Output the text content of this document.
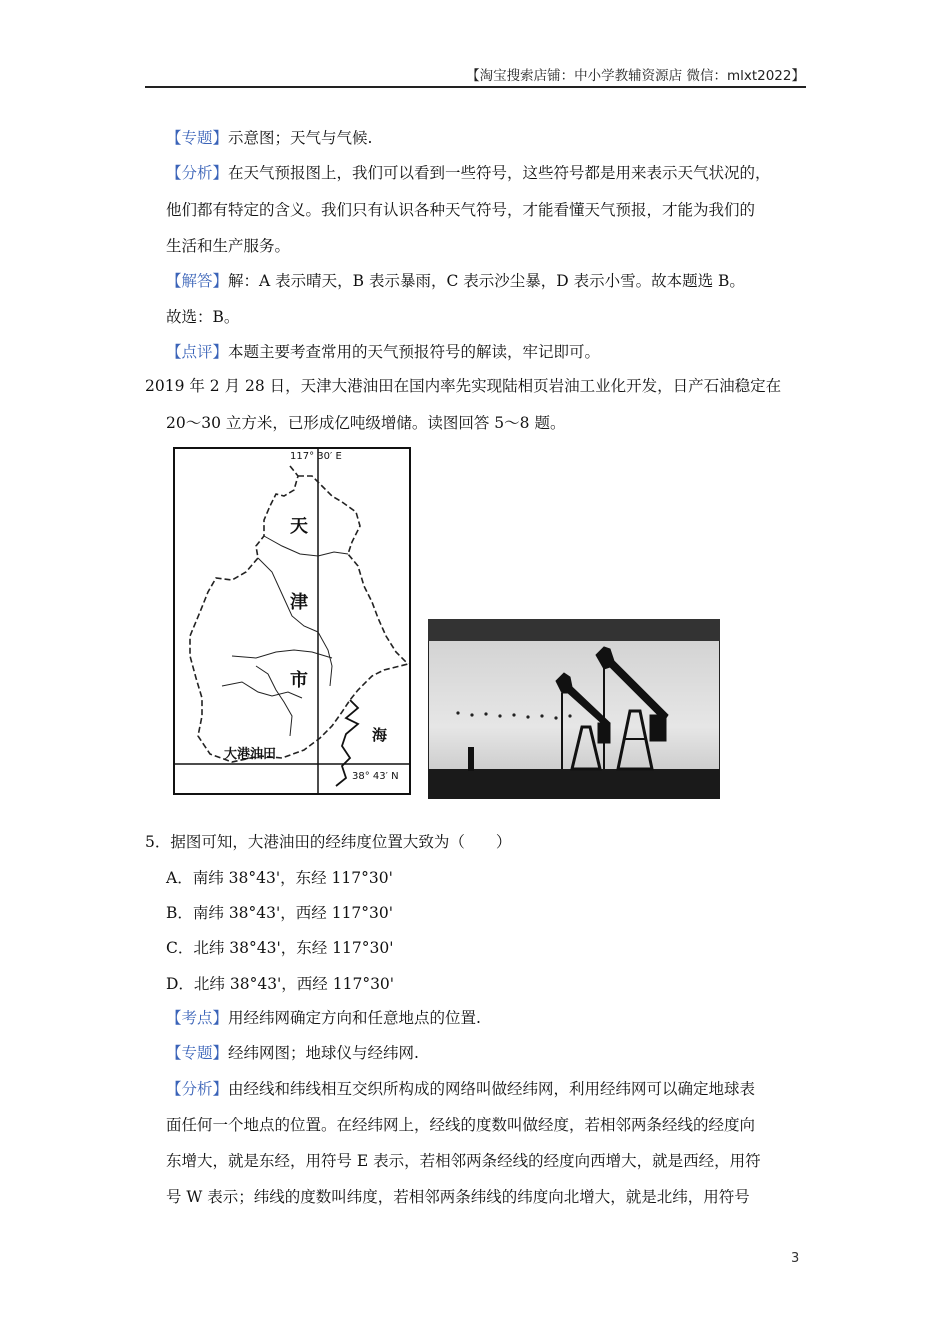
【淘宝搜索店铺：中小学教辅资源店 微信：mlxt2022】
【专题】示意图；天气与气候.
【分析】在天气预报图上，我们可以看到一些符号，这些符号都是用来表示天气状况的，
他们都有特定的含义。我们只有认识各种天气符号，才能看懂天气预报，才能为我们的
生活和生产服务。
【解答】解：A 表示晴天，B 表示暴雨，C 表示沙尘暴，D 表示小雪。故本题选 B。
故选：B。
【点评】本题主要考查常用的天气预报符号的解读，牢记即可。
2019 年 2 月 28 日，天津大港油田在国内率先实现陆相页岩油工业化开发，日产石油稳定在
20～30 立方米，已形成亿吨级增储。读图回答 5～8 题。
117° 30′ E
38° 43′ N
天
津
市
海
大港油田
5．据图可知，大港油田的经纬度位置大致为（　　）
A．南纬 38°43'，东经 117°30'
B．南纬 38°43'，西经 117°30'
C．北纬 38°43'，东经 117°30'
D．北纬 38°43'，西经 117°30'
【考点】用经纬网确定方向和任意地点的位置.
【专题】经纬网图；地球仪与经纬网.
【分析】由经线和纬线相互交织所构成的网络叫做经纬网，利用经纬网可以确定地球表
面任何一个地点的位置。在经纬网上，经线的度数叫做经度，若相邻两条经线的经度向
东增大，就是东经，用符号 E 表示，若相邻两条经线的经度向西增大，就是西经，用符
号 W 表示；纬线的度数叫纬度，若相邻两条纬线的纬度向北增大，就是北纬，用符号
3
